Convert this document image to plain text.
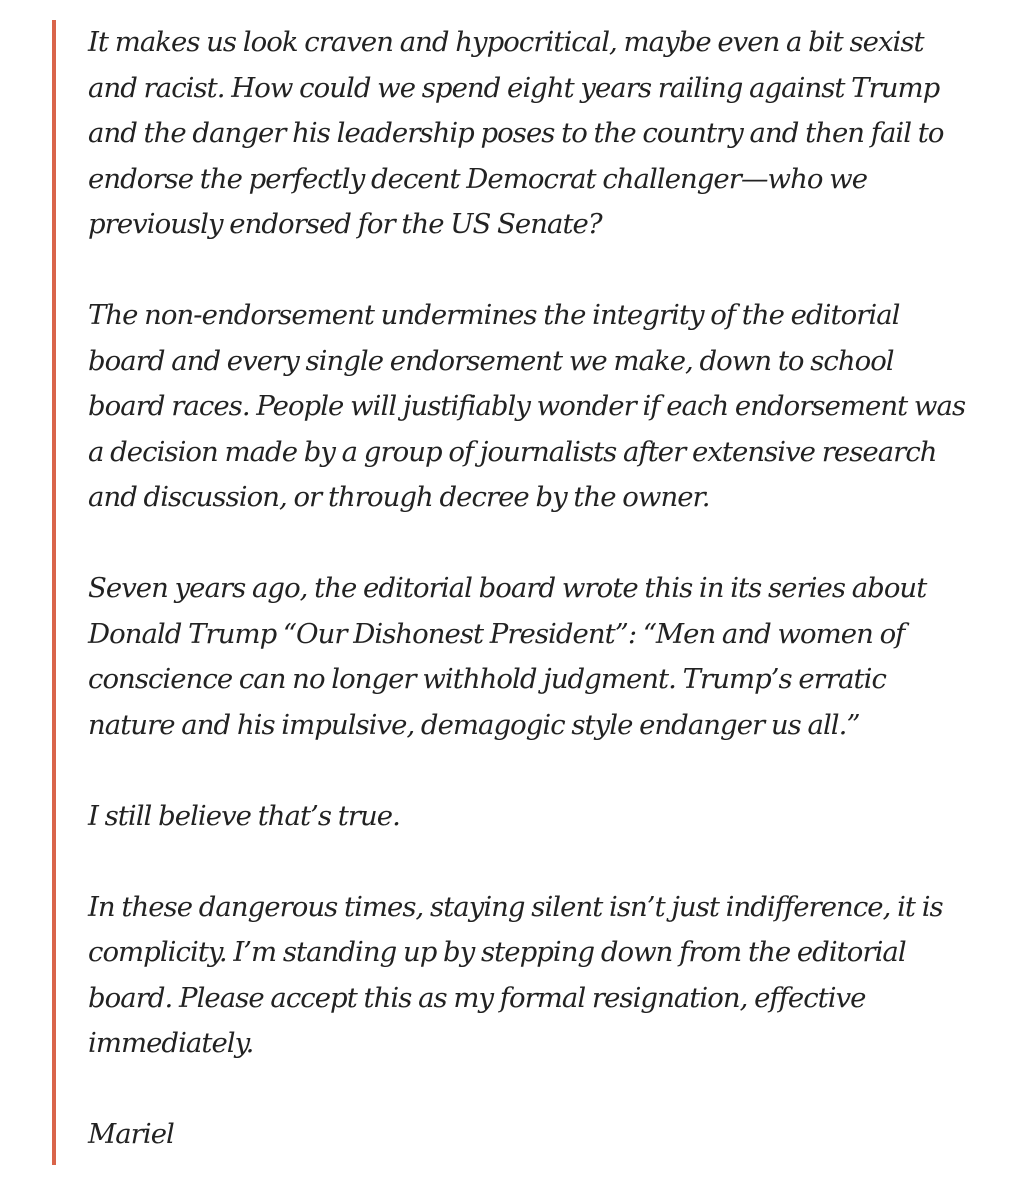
It makes us look craven and hypocritical, maybe even a bit sexist
and racist. How could we spend eight years railing against Trump
and the danger his leadership poses to the country and then fail to
endorse the perfectly decent Democrat challenger—who we
previously endorsed for the US Senate?

The non-endorsement undermines the integrity of the editorial
board and every single endorsement we make, down to school
board races. People will justifiably wonder if each endorsement was
a decision made by a group of journalists after extensive research
and discussion, or through decree by the owner.

Seven years ago, the editorial board wrote this in its series about
Donald Trump “Our Dishonest President”: “Men and women of
conscience can no longer withhold judgment. Trump’s erratic
nature and his impulsive, demagogic style endanger us all.”

I still believe that’s true.

In these dangerous times, staying silent isn’t just indifference, it is
complicity. I’m standing up by stepping down from the editorial
board. Please accept this as my formal resignation, effective
immediately.

Mariel
